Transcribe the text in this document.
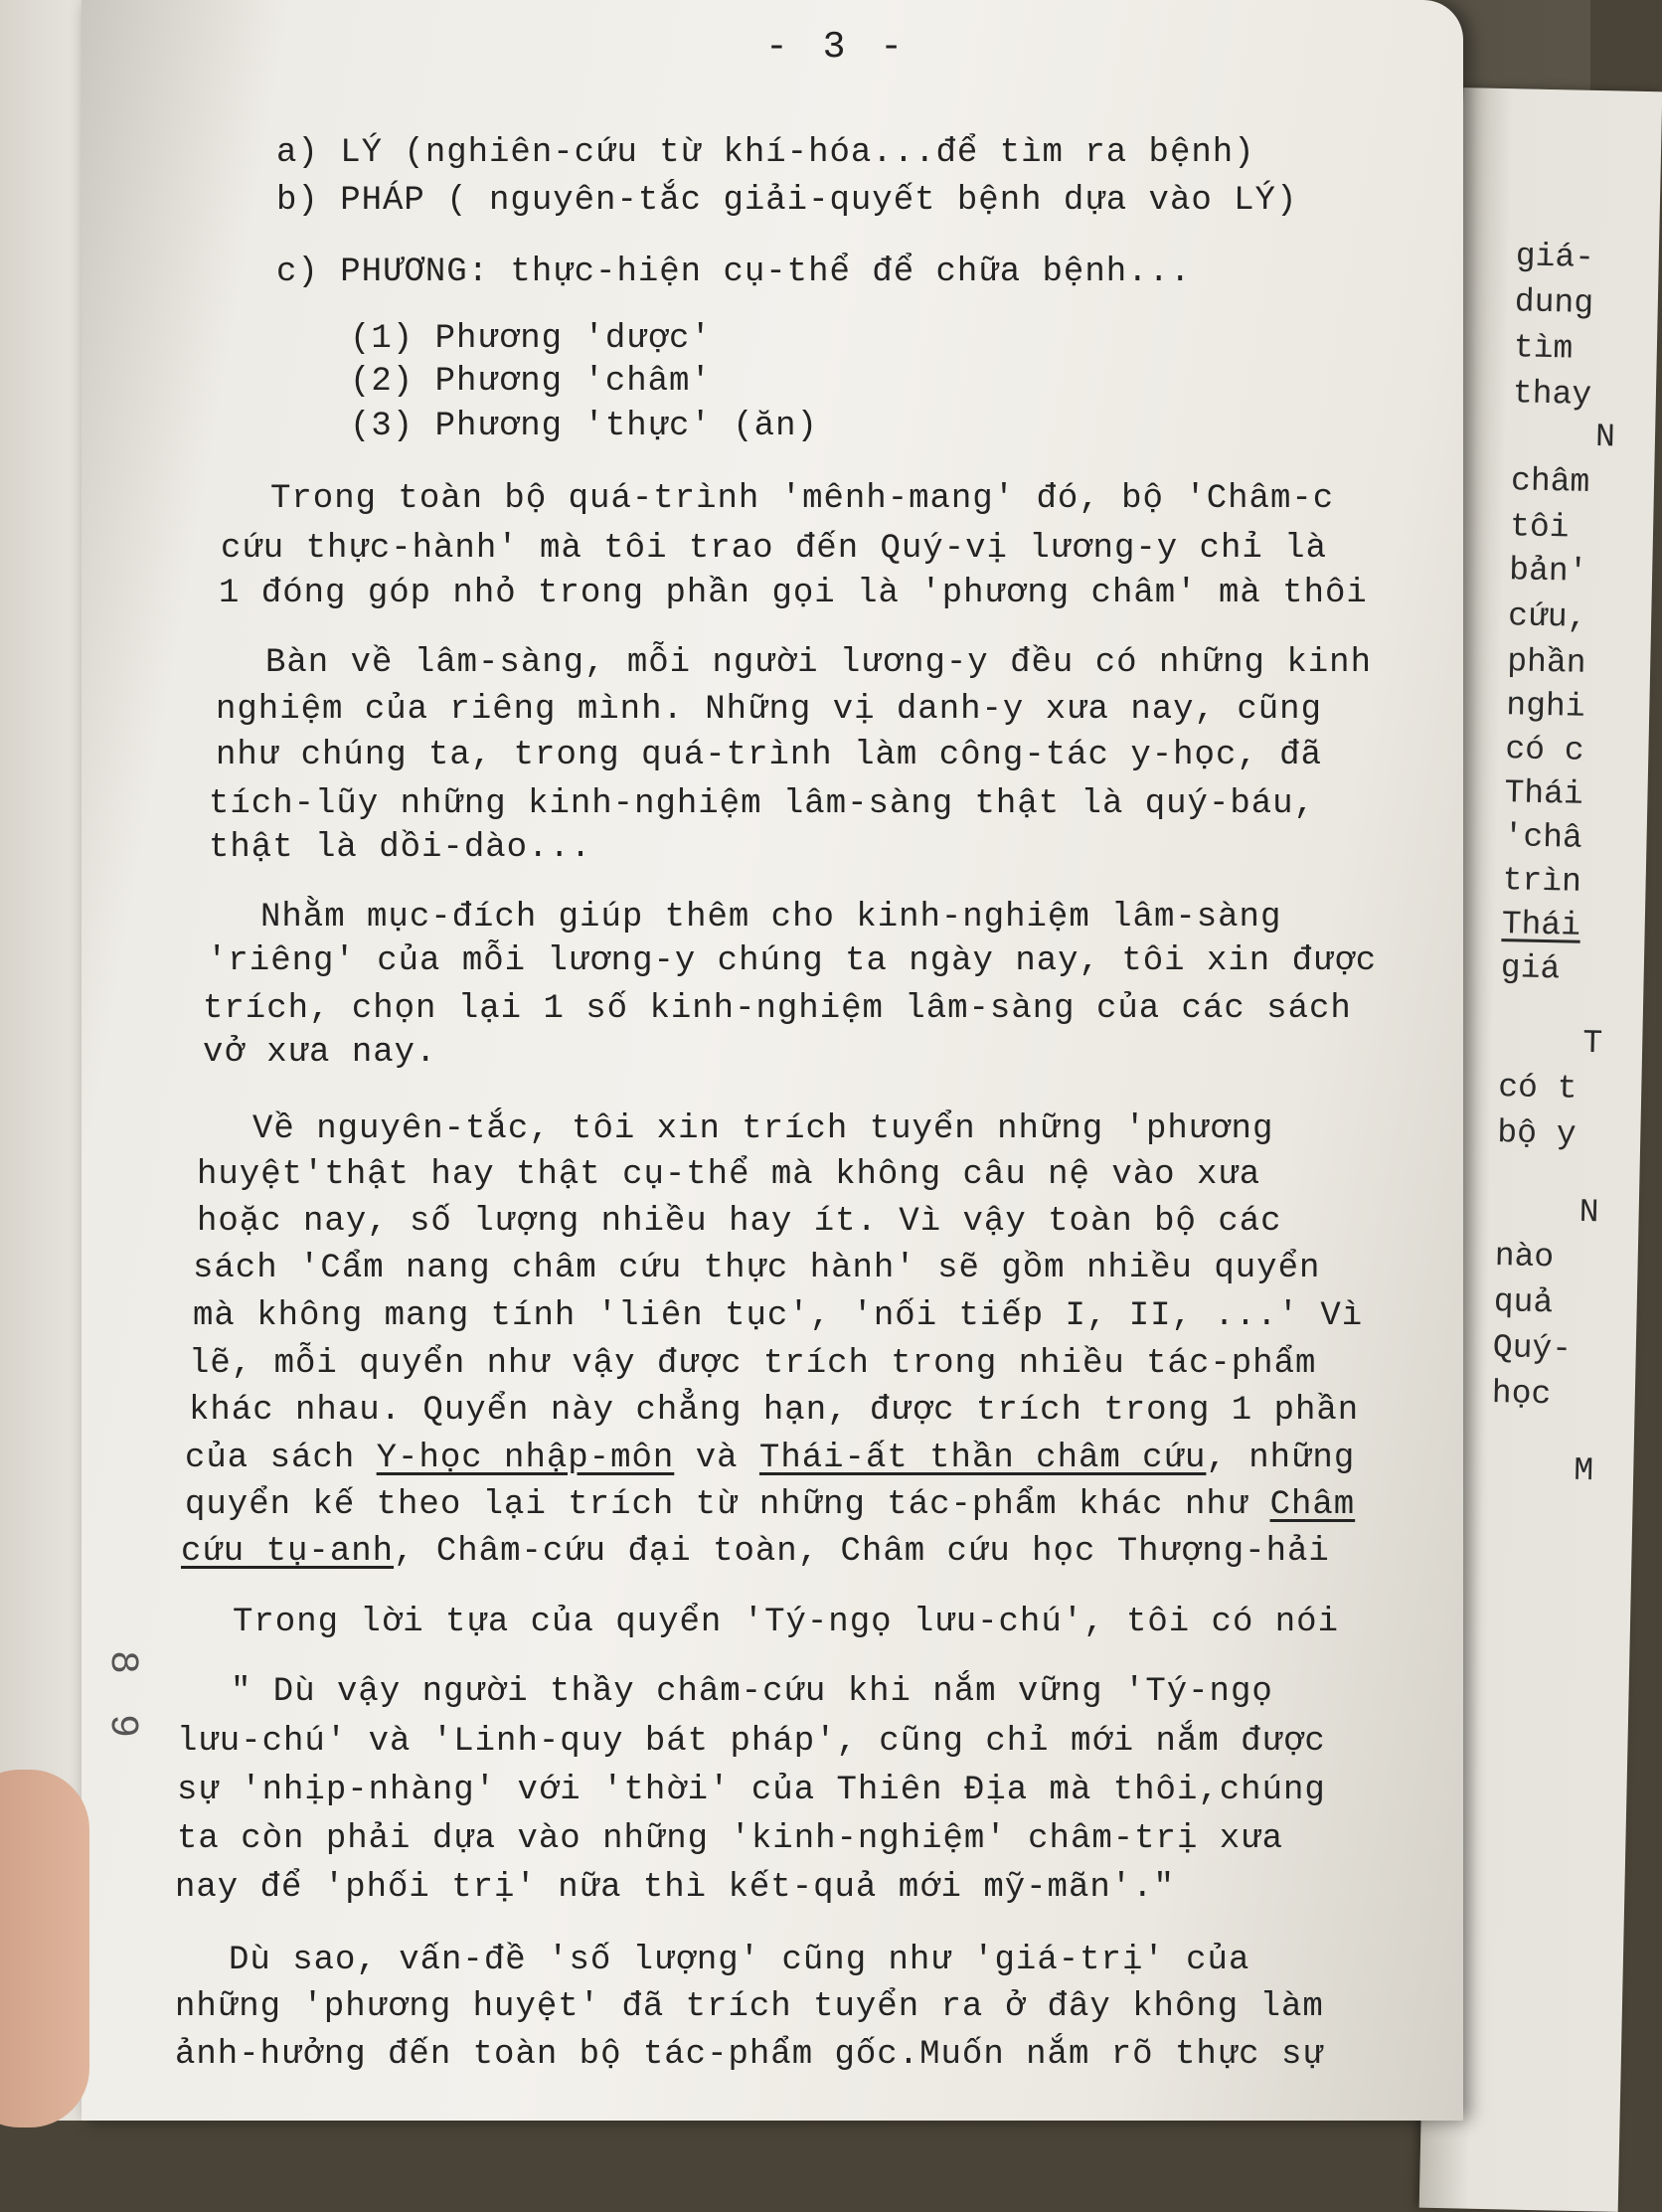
giá-
dung
tìm
thay
N
châm
tôi
bản'
cứu,
phần
nghi
có c
Thái
'châ
trìn
Thái
giá
T
có t
bộ y
N
nào
quả
Quý-
học
M
- 3 -
a) LÝ (nghiên-cứu từ khí-hóa...để tìm ra bệnh)
b) PHÁP ( nguyên-tắc giải-quyết bệnh dựa vào LÝ)
c) PHƯƠNG: thực-hiện cụ-thể để chữa bệnh...
(1) Phương 'dược'
(2) Phương 'châm'
(3) Phương 'thực' (ăn)
Trong toàn bộ quá-trình 'mênh-mang' đó, bộ 'Châm-c
cứu thực-hành' mà tôi trao đến Quý-vị lương-y chỉ là
1 đóng góp nhỏ trong phần gọi là 'phương châm' mà thôi
Bàn về lâm-sàng, mỗi người lương-y đều có những kinh
nghiệm của riêng mình. Những vị danh-y xưa nay, cũng
như chúng ta, trong quá-trình làm công-tác y-học, đã
tích-lũy những kinh-nghiệm lâm-sàng thật là quý-báu,
thật là dồi-dào...
Nhằm mục-đích giúp thêm cho kinh-nghiệm lâm-sàng
'riêng' của mỗi lương-y chúng ta ngày nay, tôi xin được
trích, chọn lại 1 số kinh-nghiệm lâm-sàng của các sách
vở xưa nay.
Về nguyên-tắc, tôi xin trích tuyển những 'phương
huyệt'thật hay thật cụ-thể mà không câu nệ vào xưa
hoặc nay, số lượng nhiều hay ít. Vì vậy toàn bộ các
sách 'Cẩm nang châm cứu thực hành' sẽ gồm nhiều quyển
mà không mang tính 'liên tục', 'nối tiếp I, II, ...' Vì
lẽ, mỗi quyển như vậy được trích trong nhiều tác-phẩm
khác nhau. Quyển này chẳng hạn, được trích trong 1 phần
của sách Y-học nhập-môn và Thái-ất thần châm cứu, những
quyển kế theo lại trích từ những tác-phẩm khác như Châm
cứu tụ-anh, Châm-cứu đại toàn, Châm cứu học Thượng-hải
Trong lời tựa của quyển 'Tý-ngọ lưu-chú', tôi có nói
" Dù vậy người thầy châm-cứu khi nắm vững 'Tý-ngọ
lưu-chú' và 'Linh-quy bát pháp', cũng chỉ mới nắm được
sự 'nhịp-nhàng' với 'thời' của Thiên Địa mà thôi,chúng
ta còn phải dựa vào những 'kinh-nghiệm' châm-trị xưa
nay để 'phối trị' nữa thì kết-quả mới mỹ-mãn'."
Dù sao, vấn-đề 'số lượng' cũng như 'giá-trị' của
những 'phương huyệt' đã trích tuyển ra ở đây không làm
ảnh-hưởng đến toàn bộ tác-phẩm gốc.Muốn nắm rõ thực sự
8 9
